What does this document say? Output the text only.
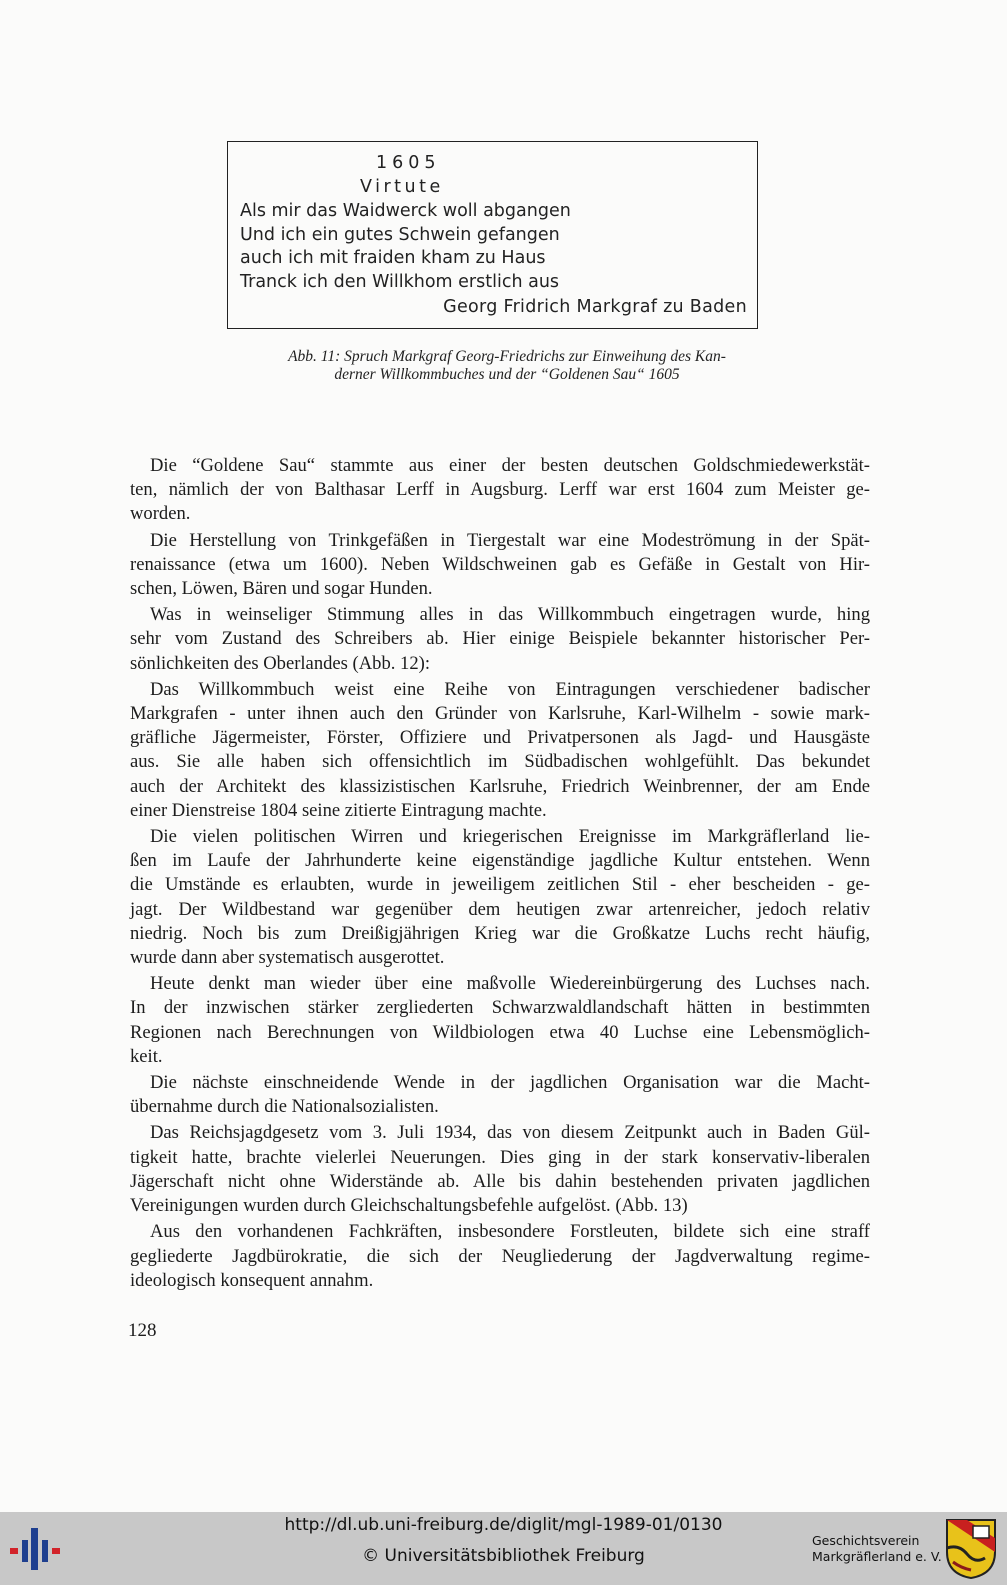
1605
Virtute
Als mir das Waidwerck woll abgangen
Und ich ein gutes Schwein gefangen
auch ich mit fraiden kham zu Haus
Tranck ich den Willkhom erstlich aus
Georg Fridrich Markgraf zu Baden
Abb. 11: Spruch Markgraf Georg-Friedrichs zur Einweihung des Kan-
derner Willkommbuches und der “Goldenen Sau“ 1605
Die “Goldene Sau“ stammte aus einer der besten deutschen Goldschmiedewerkstät-
ten, nämlich der von Balthasar Lerff in Augsburg. Lerff war erst 1604 zum Meister ge-
worden.
Die Herstellung von Trinkgefäßen in Tiergestalt war eine Modeströmung in der Spät-
renaissance (etwa um 1600). Neben Wildschweinen gab es Gefäße in Gestalt von Hir-
schen, Löwen, Bären und sogar Hunden.
Was in weinseliger Stimmung alles in das Willkommbuch eingetragen wurde, hing
sehr vom Zustand des Schreibers ab. Hier einige Beispiele bekannter historischer Per-
sönlichkeiten des Oberlandes (Abb. 12):
Das Willkommbuch weist eine Reihe von Eintragungen verschiedener badischer
Markgrafen - unter ihnen auch den Gründer von Karlsruhe, Karl-Wilhelm - sowie mark-
gräfliche Jägermeister, Förster, Offiziere und Privatpersonen als Jagd- und Hausgäste
aus. Sie alle haben sich offensichtlich im Südbadischen wohlgefühlt. Das bekundet
auch der Architekt des klassizistischen Karlsruhe, Friedrich Weinbrenner, der am Ende
einer Dienstreise 1804 seine zitierte Eintragung machte.
Die vielen politischen Wirren und kriegerischen Ereignisse im Markgräflerland lie-
ßen im Laufe der Jahrhunderte keine eigenständige jagdliche Kultur entstehen. Wenn
die Umstände es erlaubten, wurde in jeweiligem zeitlichen Stil - eher bescheiden - ge-
jagt. Der Wildbestand war gegenüber dem heutigen zwar artenreicher, jedoch relativ
niedrig. Noch bis zum Dreißigjährigen Krieg war die Großkatze Luchs recht häufig,
wurde dann aber systematisch ausgerottet.
Heute denkt man wieder über eine maßvolle Wiedereinbürgerung des Luchses nach.
In der inzwischen stärker zergliederten Schwarzwaldlandschaft hätten in bestimmten
Regionen nach Berechnungen von Wildbiologen etwa 40 Luchse eine Lebensmöglich-
keit.
Die nächste einschneidende Wende in der jagdlichen Organisation war die Macht-
übernahme durch die Nationalsozialisten.
Das Reichsjagdgesetz vom 3. Juli 1934, das von diesem Zeitpunkt auch in Baden Gül-
tigkeit hatte, brachte vielerlei Neuerungen. Dies ging in der stark konservativ-liberalen
Jägerschaft nicht ohne Widerstände ab. Alle bis dahin bestehenden privaten jagdlichen
Vereinigungen wurden durch Gleichschaltungsbefehle aufgelöst. (Abb. 13)
Aus den vorhandenen Fachkräften, insbesondere Forstleuten, bildete sich eine straff
gegliederte Jagdbürokratie, die sich der Neugliederung der Jagdverwaltung regime-
ideologisch konsequent annahm.
128
http://dl.ub.uni-freiburg.de/diglit/mgl-1989-01/0130
© Universitätsbibliothek Freiburg
Geschichtsverein
Markgräflerland e. V.
